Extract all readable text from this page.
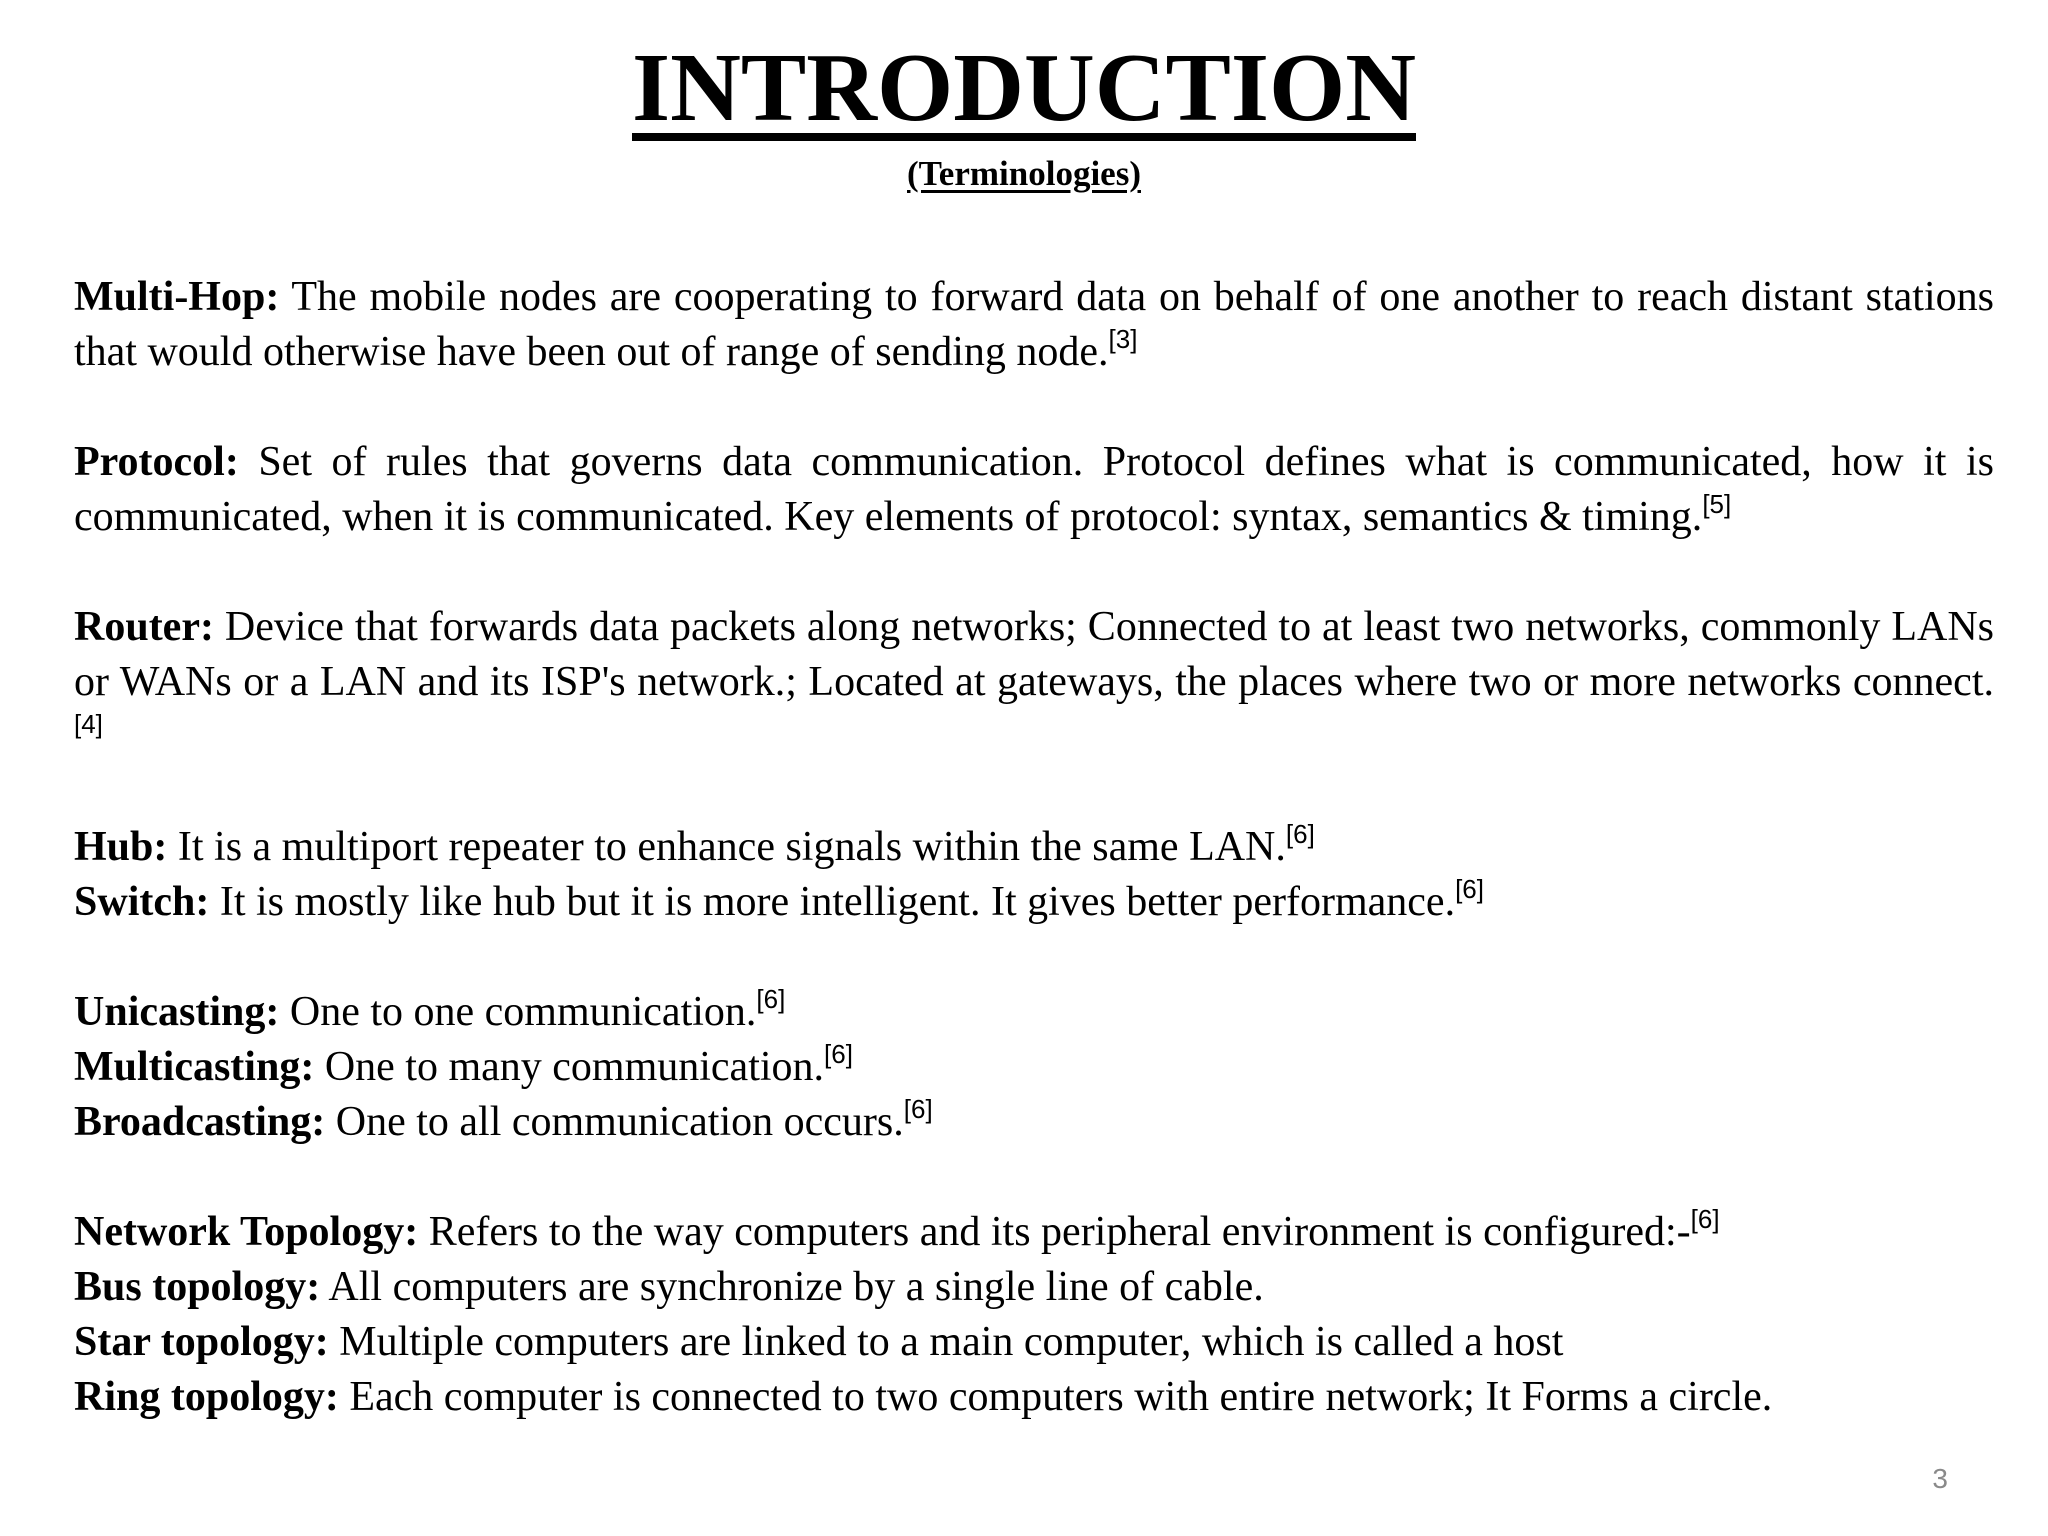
INTRODUCTION
(Terminologies)

Multi-Hop: The mobile nodes are cooperating to forward data on behalf of one another to reach distant stations that would otherwise have been out of range of sending node.[3]

Protocol: Set of rules that governs data communication. Protocol defines what is communicated, how it is communicated, when it is communicated. Key elements of protocol: syntax, semantics & timing.[5]

Router: Device that forwards data packets along networks; Connected to at least two networks, commonly LANs or WANs or a LAN and its ISP's network.; Located at gateways, the places where two or more networks connect.[4]

Hub: It is a multiport repeater to enhance signals within the same LAN.[6]
Switch: It is mostly like hub but it is more intelligent. It gives better performance.[6]

Unicasting: One to one communication.[6]
Multicasting: One to many communication.[6]
Broadcasting: One to all communication occurs.[6]

Network Topology: Refers to the way computers and its peripheral environment is configured:-[6]
Bus topology: All computers are synchronize by a single line of cable.
Star topology: Multiple computers are linked to a main computer, which is called a host
Ring topology: Each computer is connected to two computers with entire network; It Forms a circle.

3
